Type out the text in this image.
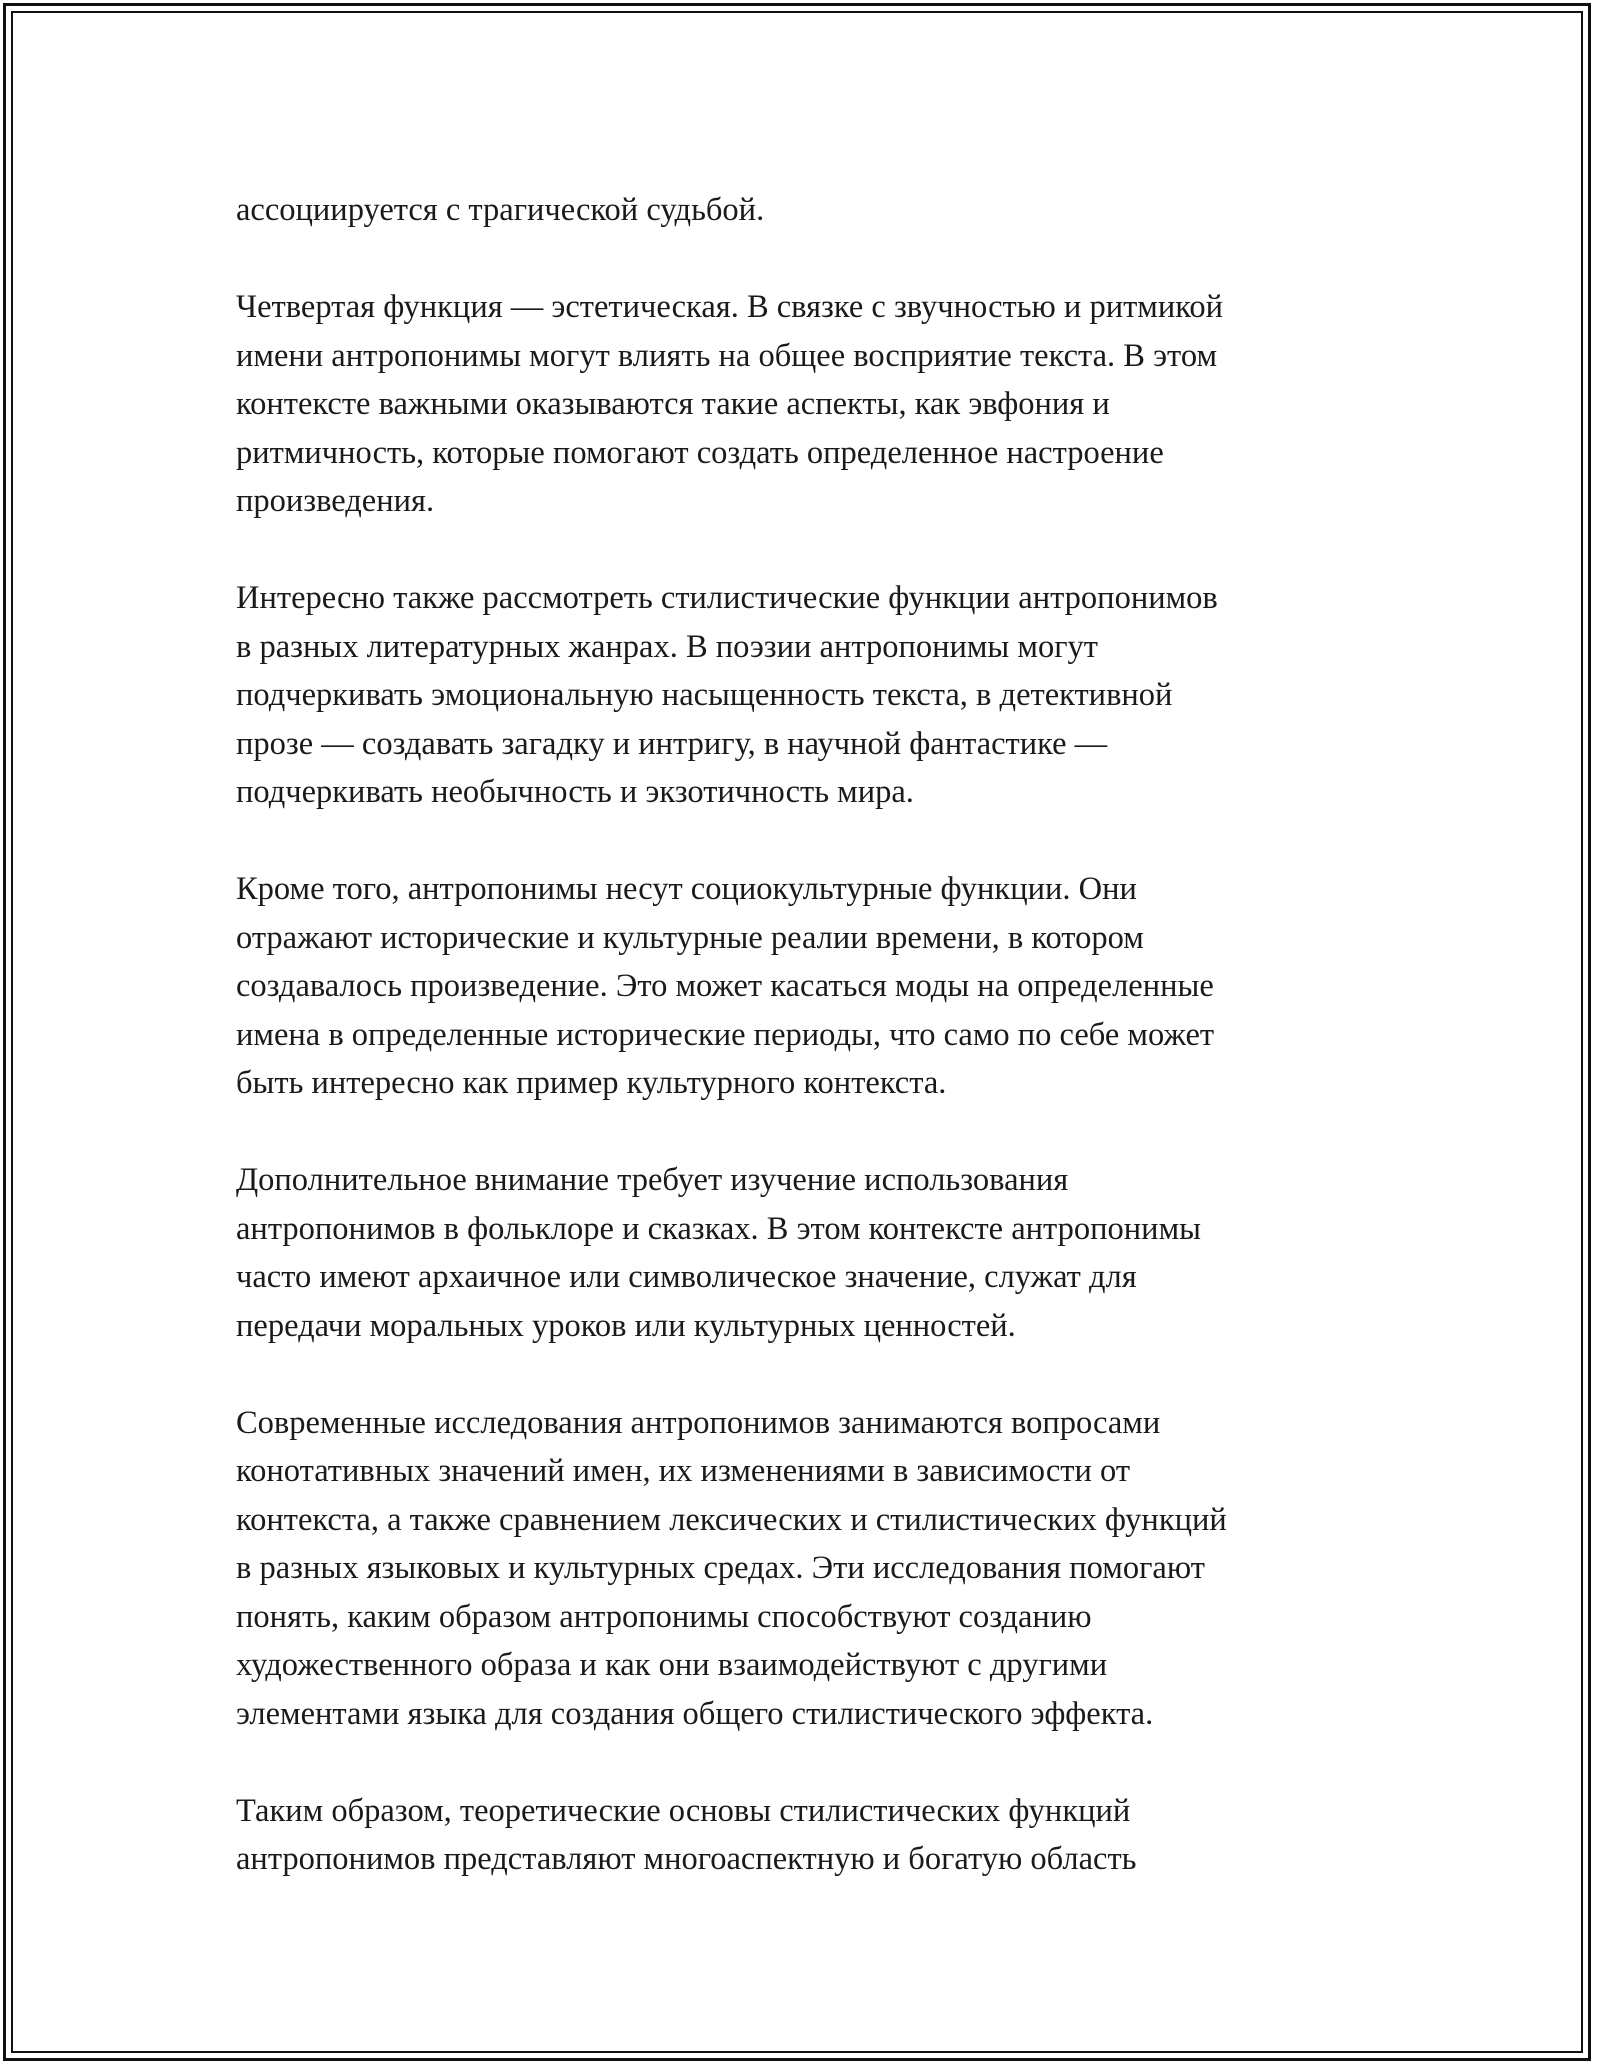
ассоциируется с трагической судьбой.

Четвертая функция — эстетическая. В связке с звучностью и ритмикой
имени антропонимы могут влиять на общее восприятие текста. В этом
контексте важными оказываются такие аспекты, как эвфония и
ритмичность, которые помогают создать определенное настроение
произведения.

Интересно также рассмотреть стилистические функции антропонимов
в разных литературных жанрах. В поэзии антропонимы могут
подчеркивать эмоциональную насыщенность текста, в детективной
прозе — создавать загадку и интригу, в научной фантастике —
подчеркивать необычность и экзотичность мира.

Кроме того, антропонимы несут социокультурные функции. Они
отражают исторические и культурные реалии времени, в котором
создавалось произведение. Это может касаться моды на определенные
имена в определенные исторические периоды, что само по себе может
быть интересно как пример культурного контекста.

Дополнительное внимание требует изучение использования
антропонимов в фольклоре и сказках. В этом контексте антропонимы
часто имеют архаичное или символическое значение, служат для
передачи моральных уроков или культурных ценностей.

Современные исследования антропонимов занимаются вопросами
конотативных значений имен, их изменениями в зависимости от
контекста, а также сравнением лексических и стилистических функций
в разных языковых и культурных средах. Эти исследования помогают
понять, каким образом антропонимы способствуют созданию
художественного образа и как они взаимодействуют с другими
элементами языка для создания общего стилистического эффекта.

Таким образом, теоретические основы стилистических функций
антропонимов представляют многоаспектную и богатую область
